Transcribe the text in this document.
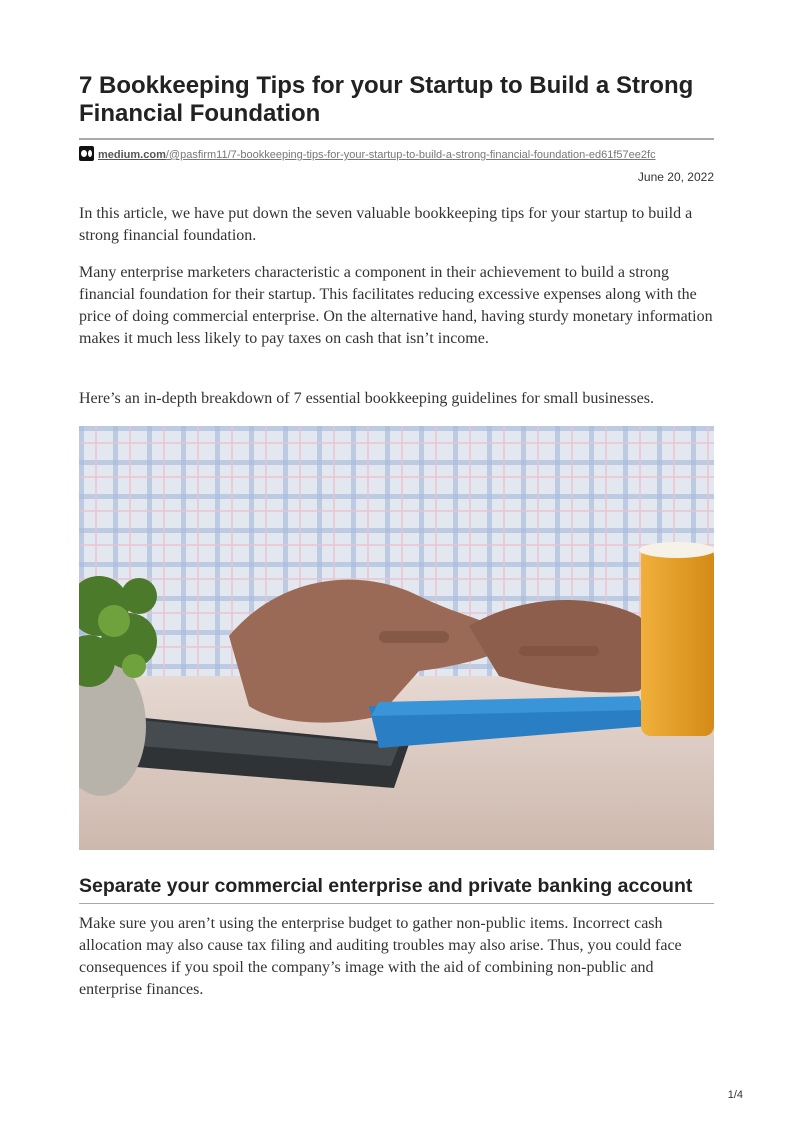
7 Bookkeeping Tips for your Startup to Build a Strong Financial Foundation
medium.com/@pasfirm11/7-bookkeeping-tips-for-your-startup-to-build-a-strong-financial-foundation-ed61f57ee2fc
June 20, 2022

In this article, we have put down the seven valuable bookkeeping tips for your startup to build a strong financial foundation.

Many enterprise marketers characteristic a component in their achievement to build a strong financial foundation for their startup. This facilitates reducing excessive expenses along with the price of doing commercial enterprise. On the alternative hand, having sturdy monetary information makes it much less likely to pay taxes on cash that isn’t income.

Here’s an in-depth breakdown of 7 essential bookkeeping guidelines for small businesses.

Separate your commercial enterprise and private banking account

Make sure you aren’t using the enterprise budget to gather non-public items. Incorrect cash allocation may also cause tax filing and auditing troubles may also arise. Thus, you could face consequences if you spoil the company’s image with the aid of combining non-public and enterprise finances.

1/4
